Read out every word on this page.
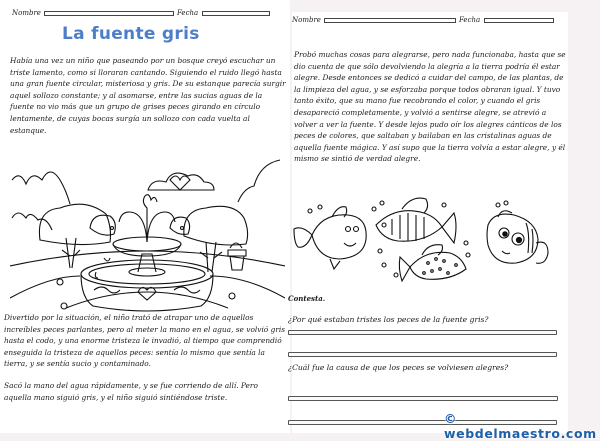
Nombre	Fecha
La fuente gris

Había una vez un niño que paseando por un bosque creyó escuchar un triste lamento, como si lloraran cantando. Siguiendo el ruido llegó hasta una gran fuente circular, misteriosa y gris. De su estanque parecía surgir aquel sollozo constante; y al asomarse, entre las sucias aguas de la fuente no vio más que un grupo de grises peces girando en círculo lentamente, de cuyas bocas surgía un sollozo con cada vuelta al estanque.

Divertido por la situación, el niño trató de atrapar uno de aquellos increíbles peces parlantes, pero al meter la mano en el agua, se volvió gris hasta el codo, y una enorme tristeza le invadió, al tiempo que comprendió enseguida la tristeza de aquellos peces: sentía lo mismo que sentía la tierra, y se sentía sucio y contaminado.

Sacó la mano del agua rápidamente, y se fue corriendo de allí. Pero aquella mano siguió gris, y el niño siguió sintiéndose triste.

Nombre	Fecha

Probó muchas cosas para alegrarse, pero nada funcionaba, hasta que se dio cuenta de que sólo devolviendo la alegría a la tierra podría él estar alegre. Desde entonces se dedicó a cuidar del campo, de las plantas, de la limpieza del agua, y se esforzaba porque todos obraran igual. Y tuvo tanto éxito, que su mano fue recobrando el color, y cuando el gris desapareció completamente, y volvió a sentirse alegre, se atrevió a volver a ver la fuente. Y desde lejos pudo oír los alegres cánticos de los peces de colores, que saltaban y bailaban en las cristalinas aguas de aquella fuente mágica. Y así supo que la tierra volvía a estar alegre, y él mismo se sintió de verdad alegre.

Contesta.
¿Por qué estaban tristes los peces de la fuente gris?
¿Cuál fue la causa de que los peces se volviesen alegres?
© webdelmaestro.com
